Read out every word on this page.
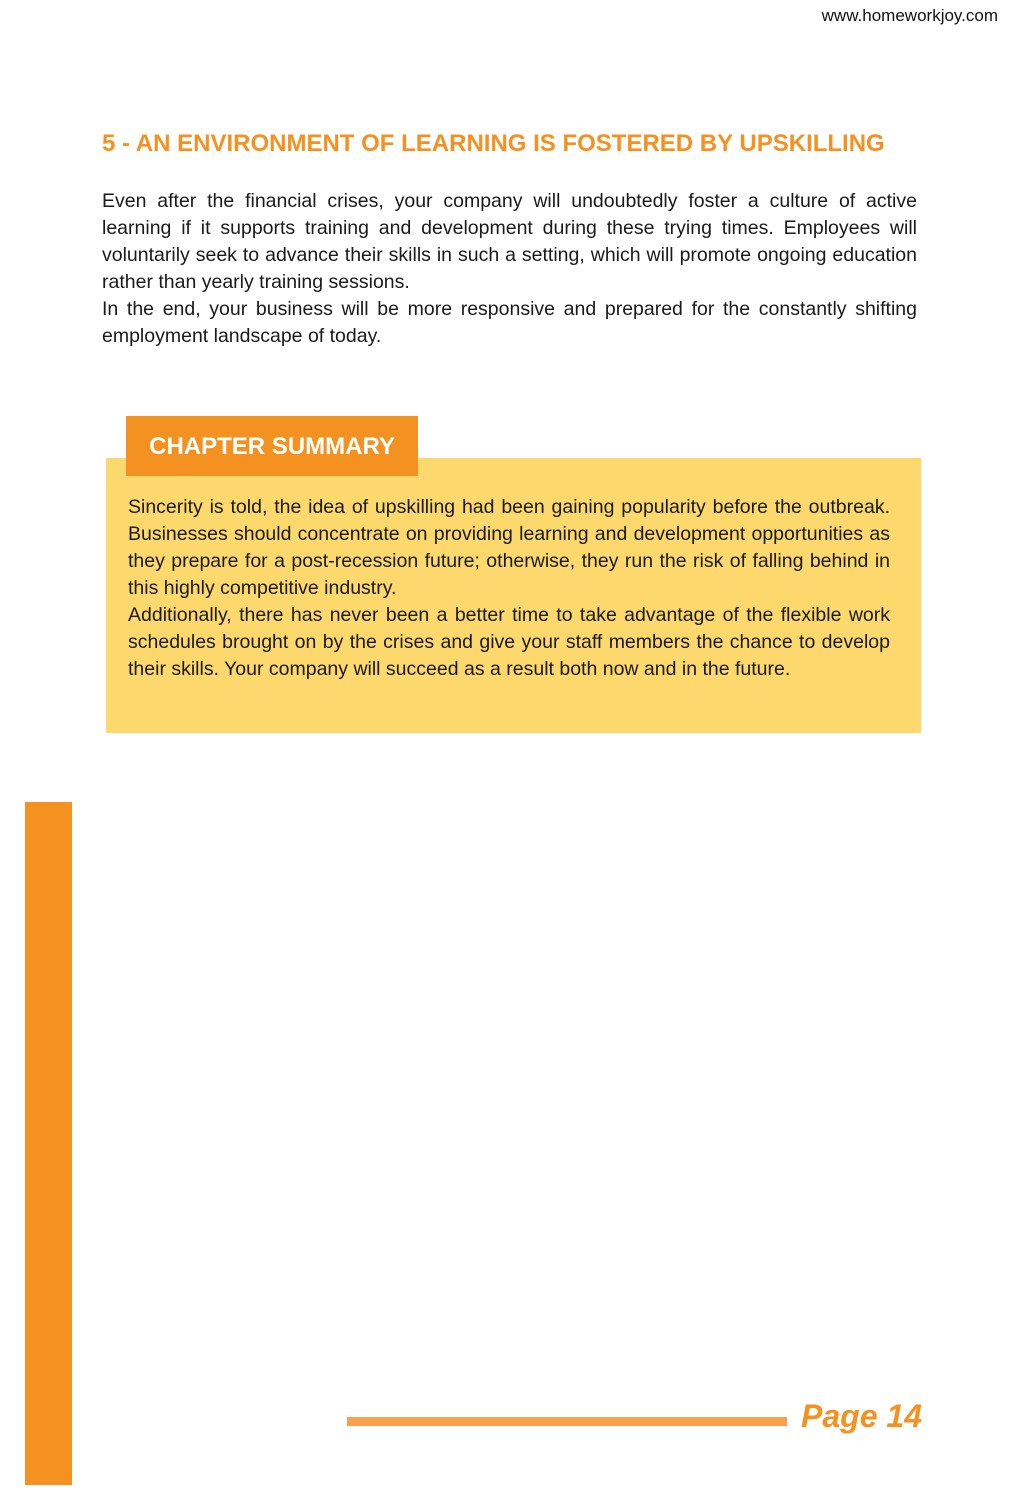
www.homeworkjoy.com
5 - AN ENVIRONMENT OF LEARNING IS FOSTERED BY UPSKILLING

Even after the financial crises, your company will undoubtedly foster a culture of active learning if it supports training and development during these trying times. Employees will voluntarily seek to advance their skills in such a setting, which will promote ongoing education rather than yearly training sessions.

In the end, your business will be more responsive and prepared for the constantly shifting employment landscape of today.

CHAPTER SUMMARY

Sincerity is told, the idea of upskilling had been gaining popularity before the outbreak. Businesses should concentrate on providing learning and development opportunities as they prepare for a post-recession future; otherwise, they run the risk of falling behind in this highly competitive industry.

Additionally, there has never been a better time to take advantage of the flexible work schedules brought on by the crises and give your staff members the chance to develop their skills. Your company will succeed as a result both now and in the future.

Page 14
